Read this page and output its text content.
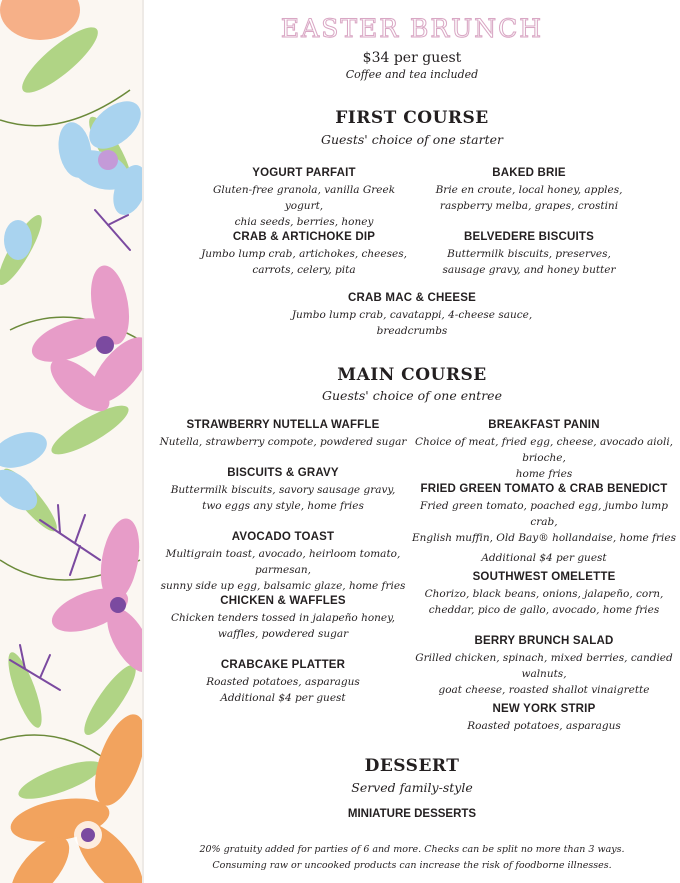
EASTER BRUNCH
$34 per guest
Coffee and tea included
FIRST COURSE
Guests' choice of one starter
YOGURT PARFAIT
Gluten-free granola, vanilla Greek yogurt,
chia seeds, berries, honey
BAKED BRIE
Brie en croute, local honey, apples,
raspberry melba, grapes, crostini
CRAB & ARTICHOKE DIP
Jumbo lump crab, artichokes, cheeses,
carrots, celery, pita
BELVEDERE BISCUITS
Buttermilk biscuits, preserves,
sausage gravy, and honey butter
CRAB MAC & CHEESE
Jumbo lump crab, cavatappi, 4-cheese sauce,
breadcrumbs
MAIN COURSE
Guests' choice of one entree
STRAWBERRY NUTELLA WAFFLE
Nutella, strawberry compote, powdered sugar
BISCUITS & GRAVY
Buttermilk biscuits, savory sausage gravy,
two eggs any style, home fries
AVOCADO TOAST
Multigrain toast, avocado, heirloom tomato, parmesan,
sunny side up egg, balsamic glaze, home fries
CHICKEN & WAFFLES
Chicken tenders tossed in jalapeño honey,
waffles, powdered sugar
CRABCAKE PLATTER
Roasted potatoes, asparagus
Additional $4 per guest
BREAKFAST PANIN
Choice of meat, fried egg, cheese, avocado aioli, brioche,
home fries
FRIED GREEN TOMATO & CRAB BENEDICT
Fried green tomato, poached egg, jumbo lump crab,
English muffin, Old Bay® hollandaise, home fries
Additional $4 per guest
SOUTHWEST OMELETTE
Chorizo, black beans, onions, jalapeño, corn,
cheddar, pico de gallo, avocado, home fries
BERRY BRUNCH SALAD
Grilled chicken, spinach, mixed berries, candied walnuts,
goat cheese, roasted shallot vinaigrette
NEW YORK STRIP
Roasted potatoes, asparagus
DESSERT
Served family-style
MINIATURE DESSERTS
20% gratuity added for parties of 6 and more. Checks can be split no more than 3 ways.
Consuming raw or uncooked products can increase the risk of foodborne illnesses.
